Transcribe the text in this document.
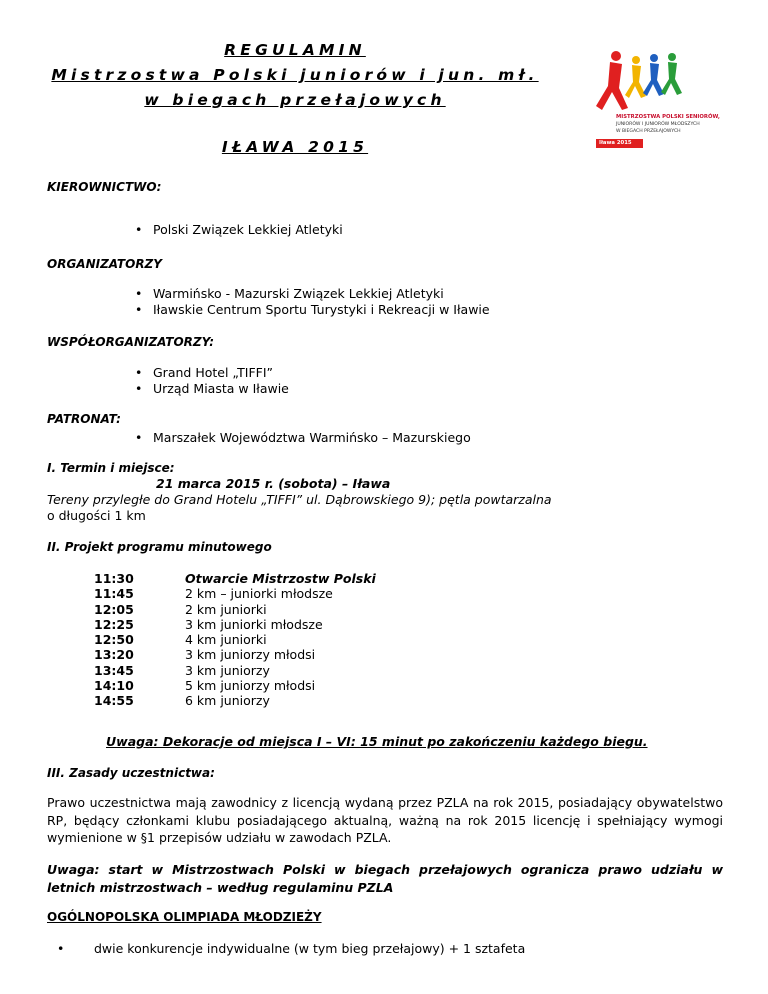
REGULAMIN
Mistrzostwa Polski juniorów i jun. mł.
w biegach przełajowych
IŁAWA 2015
MISTRZOSTWA POLSKI SENIORÓW,
JUNIORÓW I JUNIORÓW MŁODSZYCH
W BIEGACH PRZEŁAJOWYCH
Iława 2015
KIEROWNICTWO:
• Polski Związek Lekkiej Atletyki
ORGANIZATORZY
• Warmińsko - Mazurski Związek Lekkiej Atletyki
• Iławskie Centrum Sportu Turystyki i Rekreacji w Iławie
WSPÓŁORGANIZATORZY:
• Grand Hotel „TIFFI”
• Urząd Miasta w Iławie
PATRONAT:
• Marszałek Województwa Warmińsko – Mazurskiego
I. Termin i miejsce:
21 marca 2015 r. (sobota) – Iława
Tereny przyległe do Grand Hotelu „TIFFI” ul. Dąbrowskiego 9); pętla powtarzalna
o długości 1 km
II. Projekt programu minutowego
11:30	Otwarcie Mistrzostw Polski
11:45	2 km – juniorki młodsze
12:05	2 km juniorki
12:25	3 km juniorki młodsze
12:50	4 km juniorki
13:20	3 km juniorzy młodsi
13:45	3 km juniorzy
14:10	5 km juniorzy młodsi
14:55	6 km juniorzy
Uwaga: Dekoracje od miejsca I – VI: 15 minut po zakończeniu każdego biegu.
III. Zasady uczestnictwa:
Prawo uczestnictwa mają zawodnicy z licencją wydaną przez PZLA na rok 2015, posiadający obywatelstwo RP, będący członkami klubu posiadającego aktualną, ważną na rok 2015 licencję i spełniający wymogi wymienione w §1 przepisów udziału w zawodach PZLA.
Uwaga: start w Mistrzostwach Polski w biegach przełajowych ogranicza prawo udziału w letnich mistrzostwach – według regulaminu PZLA
OGÓLNOPOLSKA OLIMPIADA MŁODZIEŻY
• dwie konkurencje indywidualne (w tym bieg przełajowy) + 1 sztafeta
